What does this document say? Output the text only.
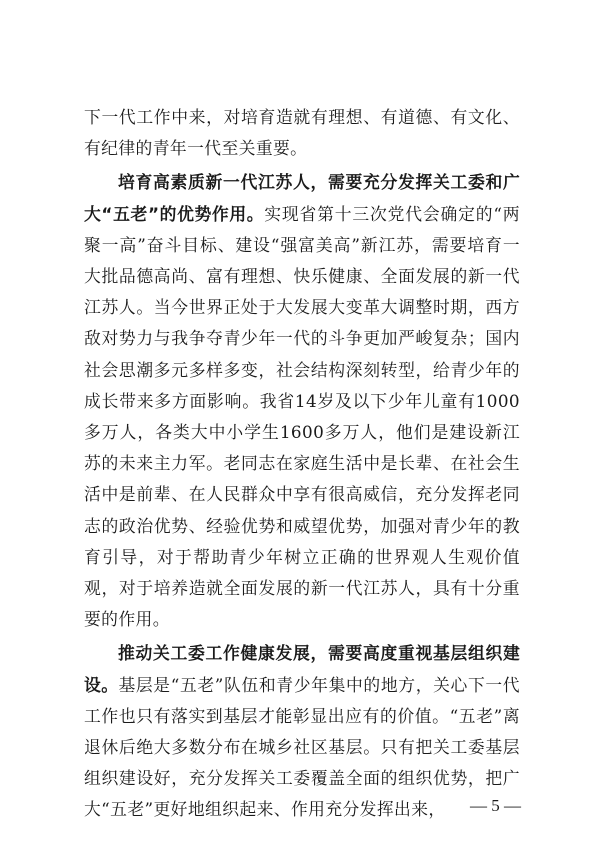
下一代工作中来，对培育造就有理想、有道德、有文化、有纪律的青年一代至关重要。

培育高素质新一代江苏人，需要充分发挥关工委和广大“五老”的优势作用。实现省第十三次党代会确定的“两聚一高”奋斗目标、建设“强富美高”新江苏，需要培育一大批品德高尚、富有理想、快乐健康、全面发展的新一代江苏人。当今世界正处于大发展大变革大调整时期，西方敌对势力与我争夺青少年一代的斗争更加严峻复杂；国内社会思潮多元多样多变，社会结构深刻转型，给青少年的成长带来多方面影响。我省14岁及以下少年儿童有1000多万人，各类大中小学生1600多万人，他们是建设新江苏的未来主力军。老同志在家庭生活中是长辈、在社会生活中是前辈、在人民群众中享有很高威信，充分发挥老同志的政治优势、经验优势和威望优势，加强对青少年的教育引导，对于帮助青少年树立正确的世界观人生观价值观，对于培养造就全面发展的新一代江苏人，具有十分重要的作用。

推动关工委工作健康发展，需要高度重视基层组织建设。基层是“五老”队伍和青少年集中的地方，关心下一代工作也只有落实到基层才能彰显出应有的价值。“五老”离退休后绝大多数分布在城乡社区基层。只有把关工委基层组织建设好，充分发挥关工委覆盖全面的组织优势，把广大“五老”更好地组织起来、作用充分发挥出来，	— 5 —
